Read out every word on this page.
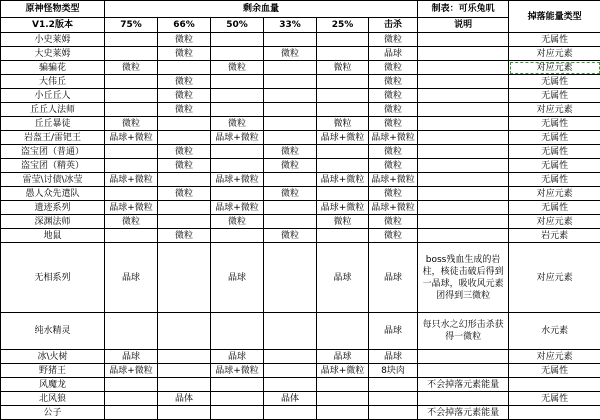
原神怪物类型	剩余血量						制表：可乐兔叽	掉落能量类型
V1.2版本	75%	66%	50%	33%	25%	击杀	说明	
小史莱姆		微粒				微粒		无属性
大史莱姆		微粒		微粒		晶球		对应元素
骗骗花	微粒		微粒		微粒	微粒		对应元素
大伟丘		微粒				微粒		无属性
小丘丘人		微粒				微粒		无属性
丘丘人法师		微粒				微粒		对应元素
丘丘暴徒	微粒		微粒		微粒	微粒		无属性
岩盔王/雷钯王	晶球+微粒		晶球+微粒		晶球+微粒	晶球+微粒		无属性
盗宝团（普通）		微粒		微粒		微粒		无属性
盗宝团（精英）		微粒		微粒		微粒		无属性
雷莹\讨债\冰莹	晶球+微粒		晶球+微粒		晶球+微粒	晶球+微粒		无属性
愚人众先遣队		微粒		微粒		微粒		对应元素
遗迹系列	晶球+微粒		晶球+微粒		晶球+微粒	晶球+微粒		无属性
深渊法师	微粒		微粒		微粒	微粒		对应元素
地鼠		微粒		微粒		微粒		岩元素
无相系列	晶球		晶球		晶球	晶球	boss残血生成的岩柱，核徒击破后得到一晶球，吸收风元素团得到三微粒	对应元素
纯水精灵						晶球	每只水之幻形击杀获得一微粒	水元素
冰\火树	晶球		晶球		晶球	晶球		对应元素
野猪王	晶球+微粒		晶球+微粒		晶球+微粒	8块肉		无属性
风魔龙							不会掉落元素能量	
北风狼		晶体		晶体				无属性
公子							不会掉落元素能量	
